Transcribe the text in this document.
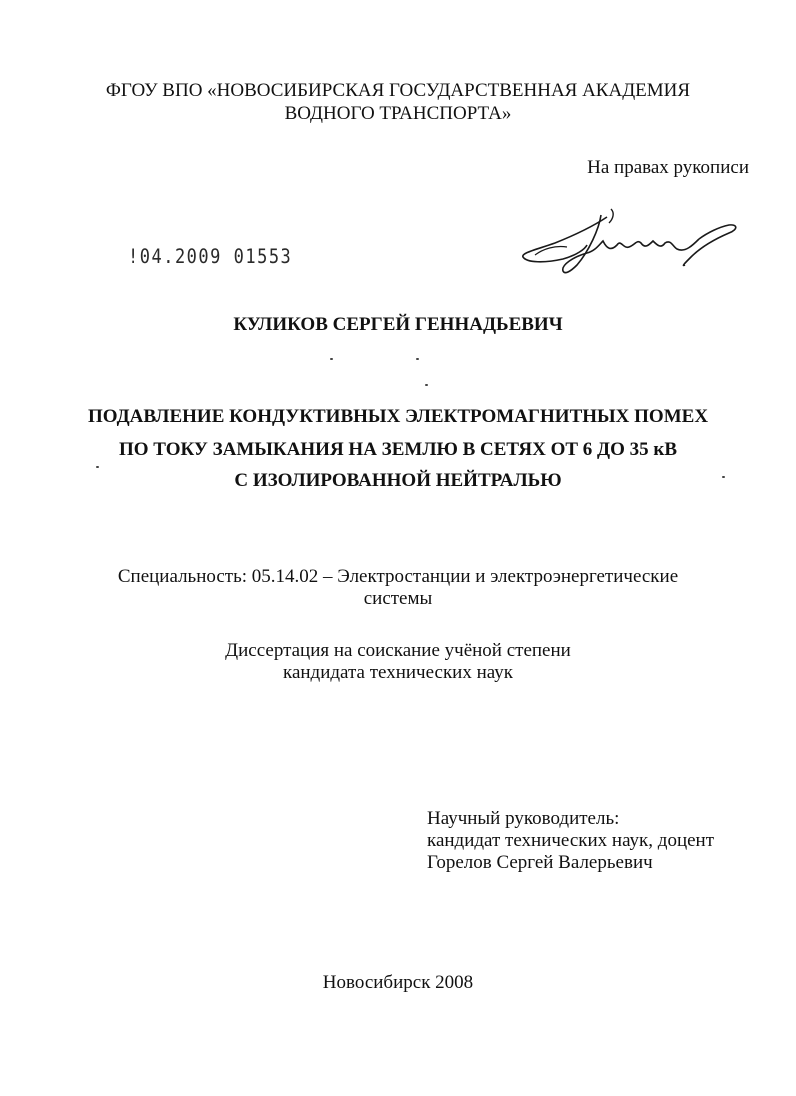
ФГОУ ВПО «НОВОСИБИРСКАЯ ГОСУДАРСТВЕННАЯ АКАДЕМИЯ
ВОДНОГО ТРАНСПОРТА»
На правах рукописи
!04.2009 01553
КУЛИКОВ СЕРГЕЙ ГЕННАДЬЕВИЧ
ПОДАВЛЕНИЕ КОНДУКТИВНЫХ ЭЛЕКТРОМАГНИТНЫХ ПОМЕХ
ПО ТОКУ ЗАМЫКАНИЯ НА ЗЕМЛЮ В СЕТЯХ ОТ 6 ДО 35 кВ
С ИЗОЛИРОВАННОЙ НЕЙТРАЛЬЮ
Специальность: 05.14.02 – Электростанции и электроэнергетические
системы
Диссертация на соискание учёной степени
кандидата технических наук
Научный руководитель:
кандидат технических наук, доцент
Горелов Сергей Валерьевич
Новосибирск 2008
